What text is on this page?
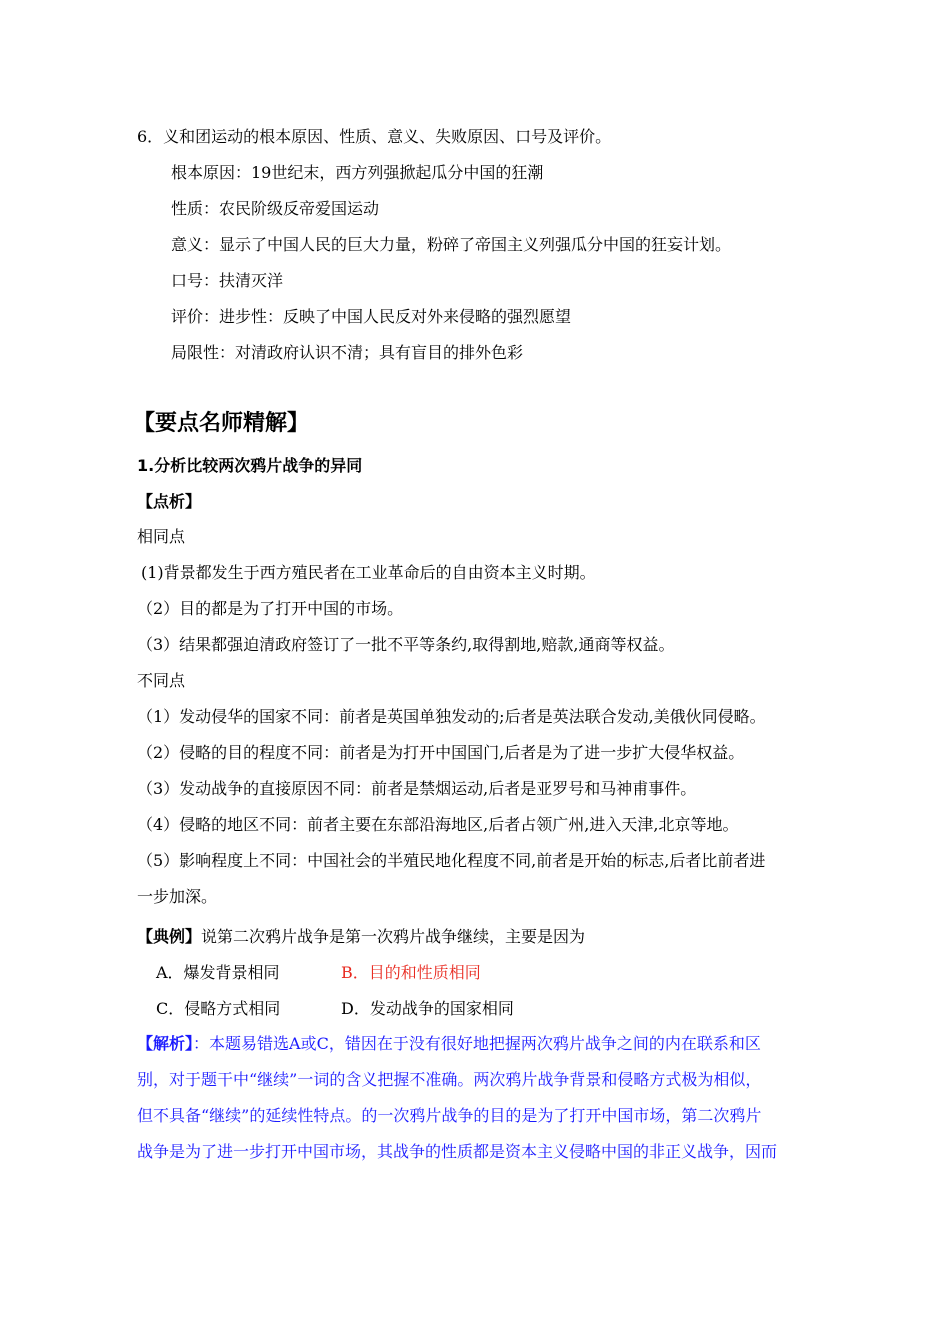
6．义和团运动的根本原因、性质、意义、失败原因、口号及评价。
根本原因：19世纪末，西方列强掀起瓜分中国的狂潮
性质：农民阶级反帝爱国运动
意义：显示了中国人民的巨大力量，粉碎了帝国主义列强瓜分中国的狂妄计划。
口号：扶清灭洋
评价：进步性：反映了中国人民反对外来侵略的强烈愿望
局限性：对清政府认识不清；具有盲目的排外色彩
【要点名师精解】
1.分析比较两次鸦片战争的异同
【点析】
相同点
(1)背景都发生于西方殖民者在工业革命后的自由资本主义时期。
（2）目的都是为了打开中国的市场。
（3）结果都强迫清政府签订了一批不平等条约,取得割地,赔款,通商等权益。
不同点
（1）发动侵华的国家不同：前者是英国单独发动的;后者是英法联合发动,美俄伙同侵略。
（2）侵略的目的程度不同：前者是为打开中国国门,后者是为了进一步扩大侵华权益。
（3）发动战争的直接原因不同：前者是禁烟运动,后者是亚罗号和马神甫事件。
（4）侵略的地区不同：前者主要在东部沿海地区,后者占领广州,进入天津,北京等地。
（5）影响程度上不同：中国社会的半殖民地化程度不同,前者是开始的标志,后者比前者进
一步加深。
【典例】说第二次鸦片战争是第一次鸦片战争继续，主要是因为
A．爆发背景相同	B．目的和性质相同
C．侵略方式相同	D．发动战争的国家相同
【解析】：本题易错选A或C，错因在于没有很好地把握两次鸦片战争之间的内在联系和区
别，对于题干中“继续”一词的含义把握不准确。两次鸦片战争背景和侵略方式极为相似，
但不具备“继续”的延续性特点。的一次鸦片战争的目的是为了打开中国市场，第二次鸦片
战争是为了进一步打开中国市场，其战争的性质都是资本主义侵略中国的非正义战争，因而
